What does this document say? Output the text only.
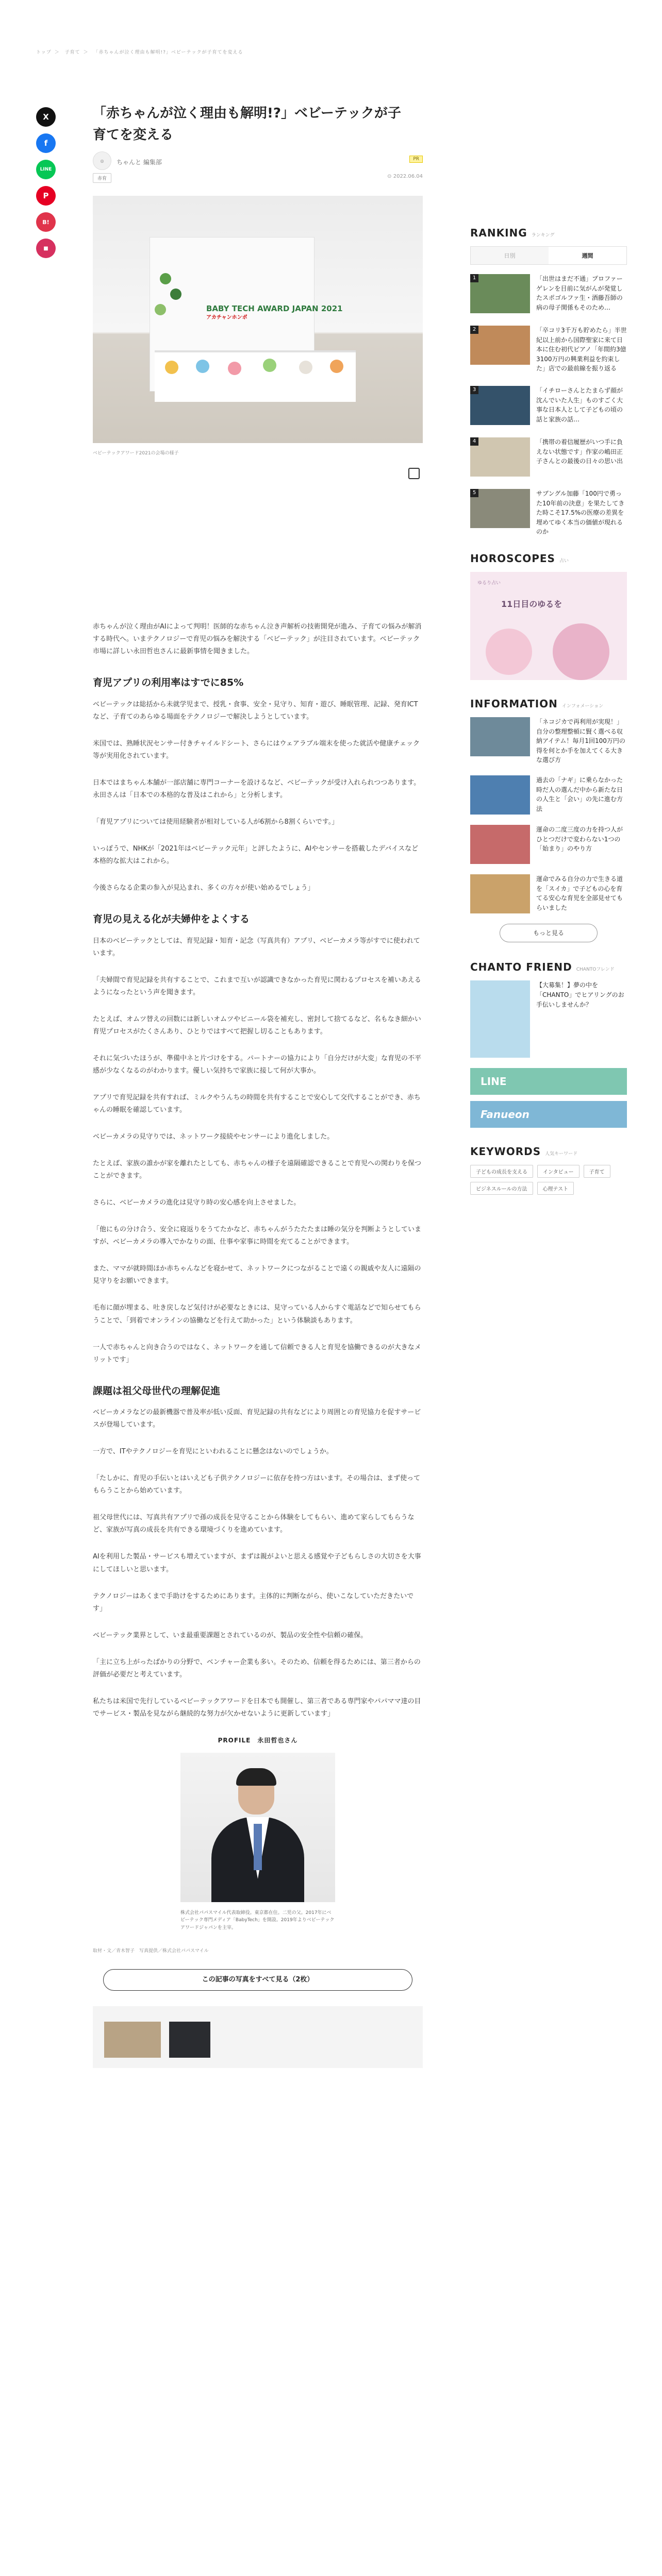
トップ ＞ 子育て ＞ 「赤ちゃんが泣く理由も解明!?」ベビーテックが子育てを変える
X
f
LINE
P
B!
■
「赤ちゃんが泣く理由も解明!?」ベビーテックが子育てを変える
◎	ちゃんと 編集部	PR
赤育	⊙ 2022.06.04
BABY TECH AWARD JAPAN 2021
アカチャンホンポ
ベビーテックアワード2021の会場の様子

赤ちゃんが泣く理由がAIによって判明！医師的な赤ちゃん泣き声解析の技術開発が進み、子育ての悩みが解消する時代へ。いまテクノロジーで育児の悩みを解決する「ベビーテック」が注目されています。ベビーテック市場に詳しい永田哲也さんに最新事情を聞きました。

育児アプリの利用率はすでに85%

ベビーテックは総括から未就学児まで、授乳・食事、安全・見守り、知育・遊び、睡眠管理、記録、発育ICTなど、子育てのあらゆる場面をテクノロジーで解決しようとしています。

米国では、熟睡状況センサー付きチャイルドシート、さらにはウェアラブル端末を使った就活や健康チェック等が実用化されています。

日本ではまちゃん本舗が一部店舗に専門コーナーを設けるなど、ベビーテックが受け入れられつつあります。永田さんは「日本での本格的な普及はこれから」と分析します。

「育児アプリについては使用経験者が相対している人が6割から8割くらいです。」

いっぽうで、NHKが「2021年はベビーテック元年」と評したように、AIやセンサーを搭載したデバイスなど本格的な拡大はこれから。

今後さらなる企業の参入が見込まれ、多くの方々が使い始めるでしょう」

育児の見える化が夫婦仲をよくする

日本のベビーテックとしては、育児記録・知育・記念（写真共有）アプリ、ベビーカメラ等がすでに使われています。

「夫婦間で育児記録を共有することで、これまで互いが認識できなかった育児に関わるプロセスを補いあえるようになったという声を聞きます。

たとえば、オムツ替えの回数には新しいオムツやビニール袋を補充し、密封して捨てるなど、名もなき細かい育児プロセスがたくさんあり、ひとりではすべて把握し切ることもあります。

それに気づいたほうが、準備中ネと片づけをする。パートナーの協力により「自分だけが大変」な育児の不平感が少なくなるのがわかります。優しい気持ちで家族に接して何が大事か。

アプリで育児記録を共有すれば、ミルクやうんちの時間を共有することで安心して交代することができ、赤ちゃんの睡眠を確認しています。

ベビーカメラの見守りでは、ネットワーク接続やセンサーにより進化しました。

たとえば、家族の誰かが家を離れたとしても、赤ちゃんの様子を遠隔確認できることで育児への関わりを保つことができます。

さらに、ベビーカメラの進化は見守り時の安心感を向上させました。

「他にもの分け合う、安全に寝返りをうてたかなど、赤ちゃんがうたたたまは睡の気分を判断ようとしていますが、ベビーカメラの導入でかなりの面、仕事や家事に時間を充てることができます。

また、ママが就時間ほか赤ちゃんなどを寝かせて、ネットワークにつながることで遠くの親戚や友人に遠隔の見守りをお願いできます。

毛布に顔が埋まる、吐き戻しなど気付けが必要なときには、見守っている人からすぐ電話などで知らせてもらうことで、「到着でオンラインの協働などを行えて助かった」という体験談もあります。

一人で赤ちゃんと向き合うのではなく、ネットワークを通して信頼できる人と育児を協働できるのが大きなメリットです」

課題は祖父母世代の理解促進

ベビーカメラなどの最新機器で普及率が低い反面、育児記録の共有などにより周囲との育児協力を促すサービスが登場しています。

一方で、ITやテクノロジーを育児にといわれることに懸念はないのでしょうか。

「たしかに、育児の手伝いとはいえども子供テクノロジーに依存を持つ方はいます。その場合は、まず使ってもらうことから始めています。

祖父母世代には、写真共有アプリで孫の成長を見守ることから体験をしてもらい、進めて家らしてもらうなど、家族が写真の成長を共有できる環境づくりを進めています。

AIを利用した製品・サービスも増えていますが、まずは親がよいと思える感覚や子どもらしさの大切さを大事にしてほしいと思います。

テクノロジーはあくまで手助けをするためにあります。主体的に判断ながら、使いこなしていただきたいです」

ベビーテック業界として、いま最重要課題とされているのが、製品の安全性や信頼の確保。

「主に立ち上がったばかりの分野で、ベンチャー企業も多い。そのため、信頼を得るためには、第三者からの評価が必要だと考えています。

私たちは米国で先行しているベビーテックアワードを日本でも開催し、第三者である専門家やパパママ達の目でサービス・製品を見ながら継続的な努力が欠かせないように更新しています」

PROFILE　永田哲也さん
株式会社パパスマイル代表取締役。東京都在住。二児の父。2017年にベビーテック専門メディア「BabyTech」を開設。2019年よりベビーテックアワードジャパンを主宰。
取材・文／青木智子　写真提供／株式会社パパスマイル
この記事の写真をすべて見る（2枚）
RANKING ランキング
日別	週間
1	「出世はまだ不通」プロファーゲレンを目前に気がんが発覚したスポゴルファ生・酒藤吾師の病の母子関係もそのため…
2	「卒コリ3千万も貯めたら」半世紀以上前から国際聖家に来て日本に住む初代ピアノ「年間約3億3100万円の興業利益を約束した」店での最前線を振り返る
3	「イチローさんとたまらず顔が沈んでいた人生」ものすごく大事な日本人として子どもの頃の話と家族の話…
4	「携帯の着信履歴がいつ手に負えない状態です」作家の嶋田正子さんとの最後の日々の思い出
5	サブングル加藤「100円で勇った10年前の決意」を果たしてきた時こそ17.5%の医療の差異を埋めてゆく本当の価値が現れるのか
HOROSCOPES 占い
ゆるり占い
11日目のゆるを
INFORMATION インフォメーション
「ネコジカで再利用が実現！」自分の整理整頓に賢く選べる収納アイテム！毎月1回100万円の得を何とか手を加えてくる大きな選び方
過去の「ナギ」に乗らなかった時だ人の選んだ中から新たな日の人生と「会い」の先に進む方法
運命の二度三度の力を持つ人がひとつだけで変わらない1つの「始まり」のやり方
運命でみる自分の力で生きる道を「スイカ」で子どもの心を育てる安心な育児を全部見せてもらいました
もっと見る
CHANTO FRIEND CHANTOフレンド
【大募集！】夢の中を「CHANTO」でヒアリングのお手伝いしませんか？
LINE
Fanueon
KEYWORDS 人気キーワード
子どもの成長を支える	インタビュー	子育て
ビジネスルールの方法	心理テスト
